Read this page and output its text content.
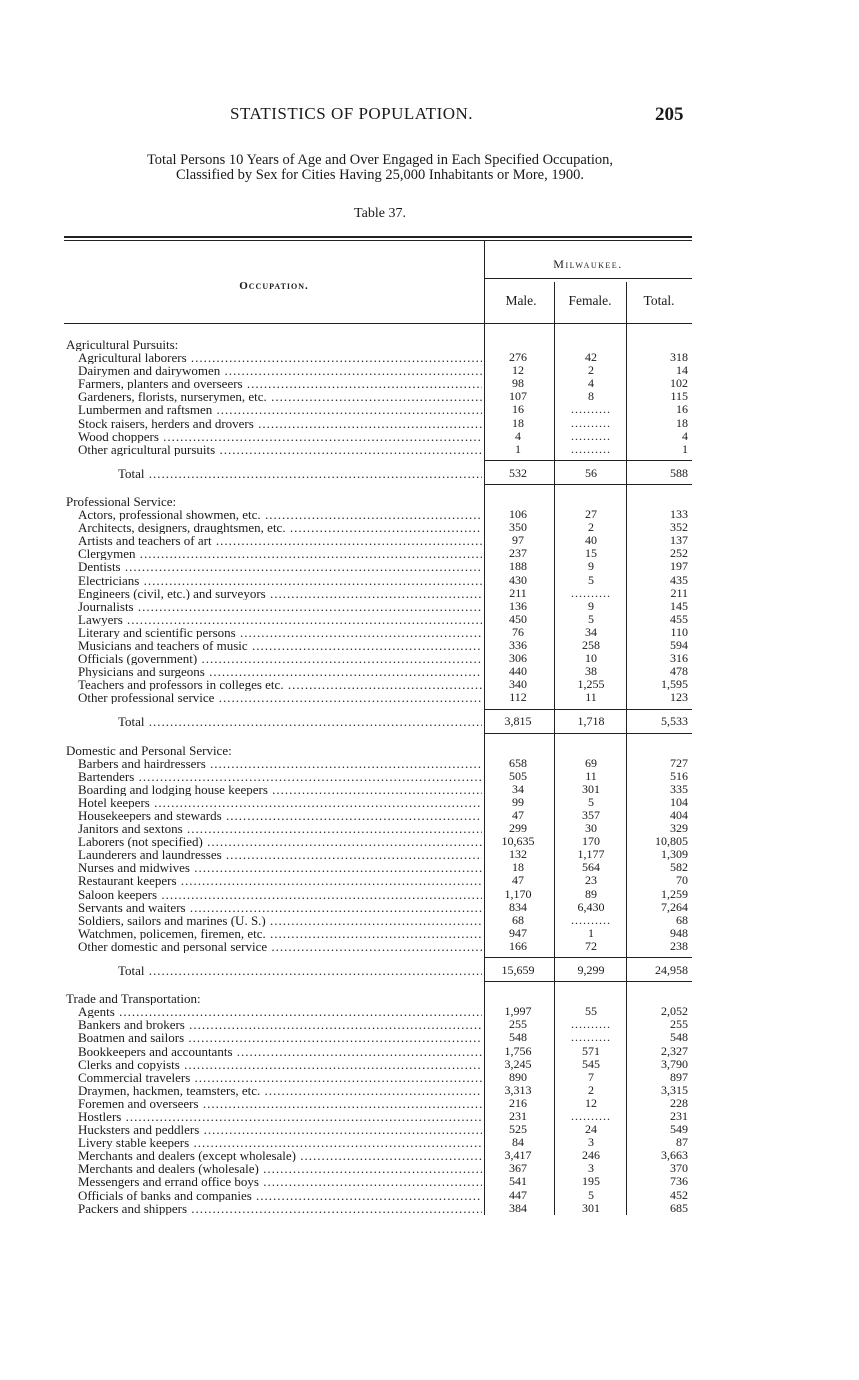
STATISTICS OF POPULATION.	205
Total Persons 10 Years of Age and Over Engaged in Each Specified Occupation,
Classified by Sex for Cities Having 25,000 Inhabitants or More, 1900.
Table 37.
Occupation.
Milwaukee.
Male.	Female.	Total.
Agricultural Pursuits:
Agricultural laborers .....	276	42	318
Dairymen and dairywomen .....	12	2	14
Farmers, planters and overseers .....	98	4	102
Gardeners, florists, nurserymen, etc. .....	107	8	115
Lumbermen and raftsmen .....	16	..........	16
Stock raisers, herders and drovers .....	18	..........	18
Wood choppers .....	4	..........	4
Other agricultural pursuits .....	1	..........	1
Total .....	532	56	588
Professional Service:
Actors, professional showmen, etc. .....	106	27	133
Architects, designers, draughtsmen, etc. .....	350	2	352
Artists and teachers of art .....	97	40	137
Clergymen .....	237	15	252
Dentists .....	188	9	197
Electricians .....	430	5	435
Engineers (civil, etc.) and surveyors .....	211	..........	211
Journalists .....	136	9	145
Lawyers .....	450	5	455
Literary and scientific persons .....	76	34	110
Musicians and teachers of music .....	336	258	594
Officials (government) .....	306	10	316
Physicians and surgeons .....	440	38	478
Teachers and professors in colleges etc. .....	340	1,255	1,595
Other professional service .....	112	11	123
Total .....	3,815	1,718	5,533
Domestic and Personal Service:
Barbers and hairdressers .....	658	69	727
Bartenders .....	505	11	516
Boarding and lodging house keepers .....	34	301	335
Hotel keepers .....	99	5	104
Housekeepers and stewards .....	47	357	404
Janitors and sextons .....	299	30	329
Laborers (not specified) .....	10,635	170	10,805
Launderers and laundresses .....	132	1,177	1,309
Nurses and midwives .....	18	564	582
Restaurant keepers .....	47	23	70
Saloon keepers .....	1,170	89	1,259
Servants and waiters .....	834	6,430	7,264
Soldiers, sailors and marines (U. S.) .....	68	..........	68
Watchmen, policemen, firemen, etc. .....	947	1	948
Other domestic and personal service .....	166	72	238
Total .....	15,659	9,299	24,958
Trade and Transportation:
Agents .....	1,997	55	2,052
Bankers and brokers .....	255	..........	255
Boatmen and sailors .....	548	..........	548
Bookkeepers and accountants .....	1,756	571	2,327
Clerks and copyists .....	3,245	545	3,790
Commercial travelers .....	890	7	897
Draymen, hackmen, teamsters, etc. .....	3,313	2	3,315
Foremen and overseers .....	216	12	228
Hostlers .....	231	..........	231
Hucksters and peddlers .....	525	24	549
Livery stable keepers .....	84	3	87
Merchants and dealers (except wholesale) .....	3,417	246	3,663
Merchants and dealers (wholesale) .....	367	3	370
Messengers and errand office boys .....	541	195	736
Officials of banks and companies .....	447	5	452
Packers and shippers .....	384	301	685
